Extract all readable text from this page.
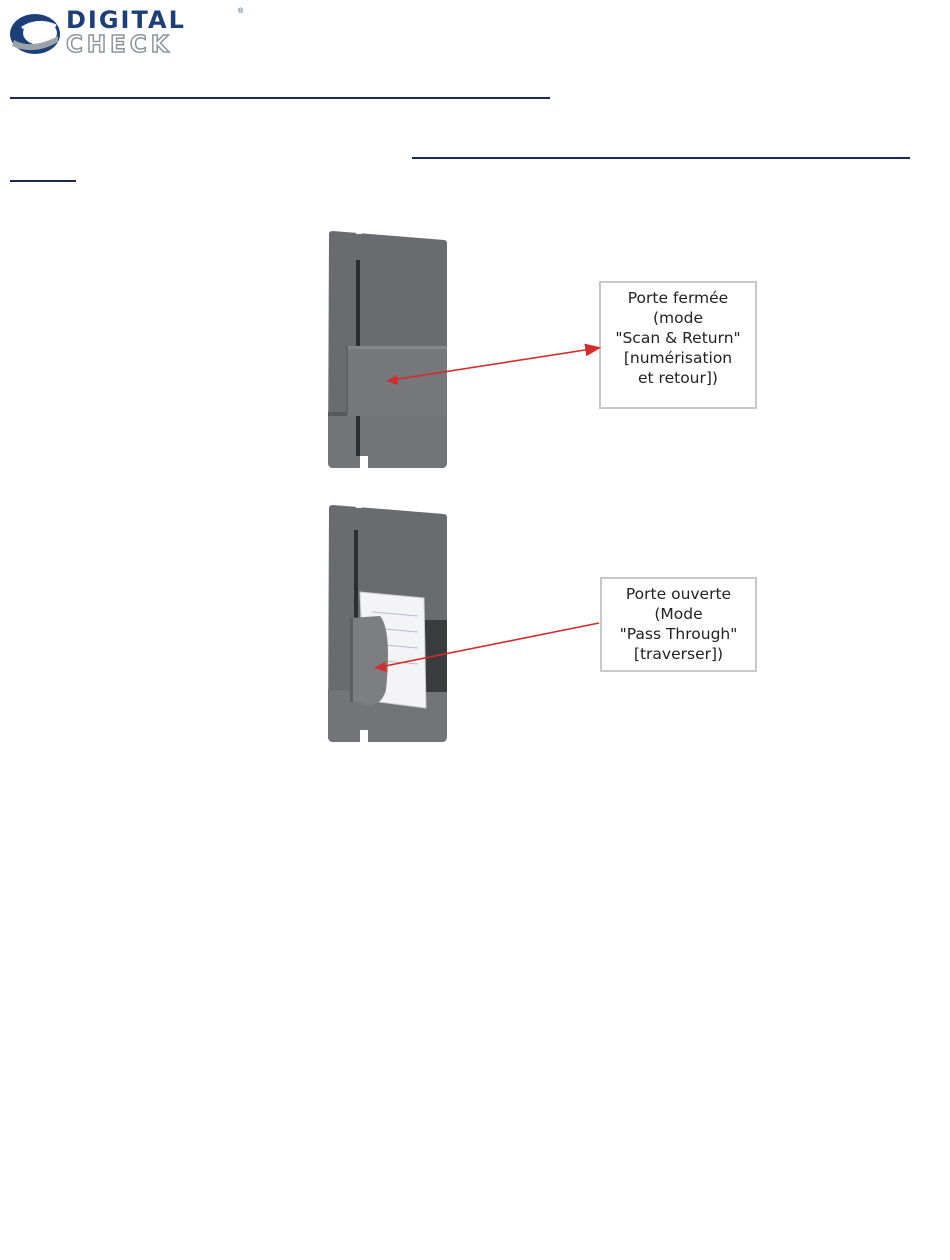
DIGITAL
CHECK
®
Porte fermée
(mode
"Scan & Return"
[numérisation
et retour])
Porte ouverte
(Mode
"Pass Through"
[traverser])
